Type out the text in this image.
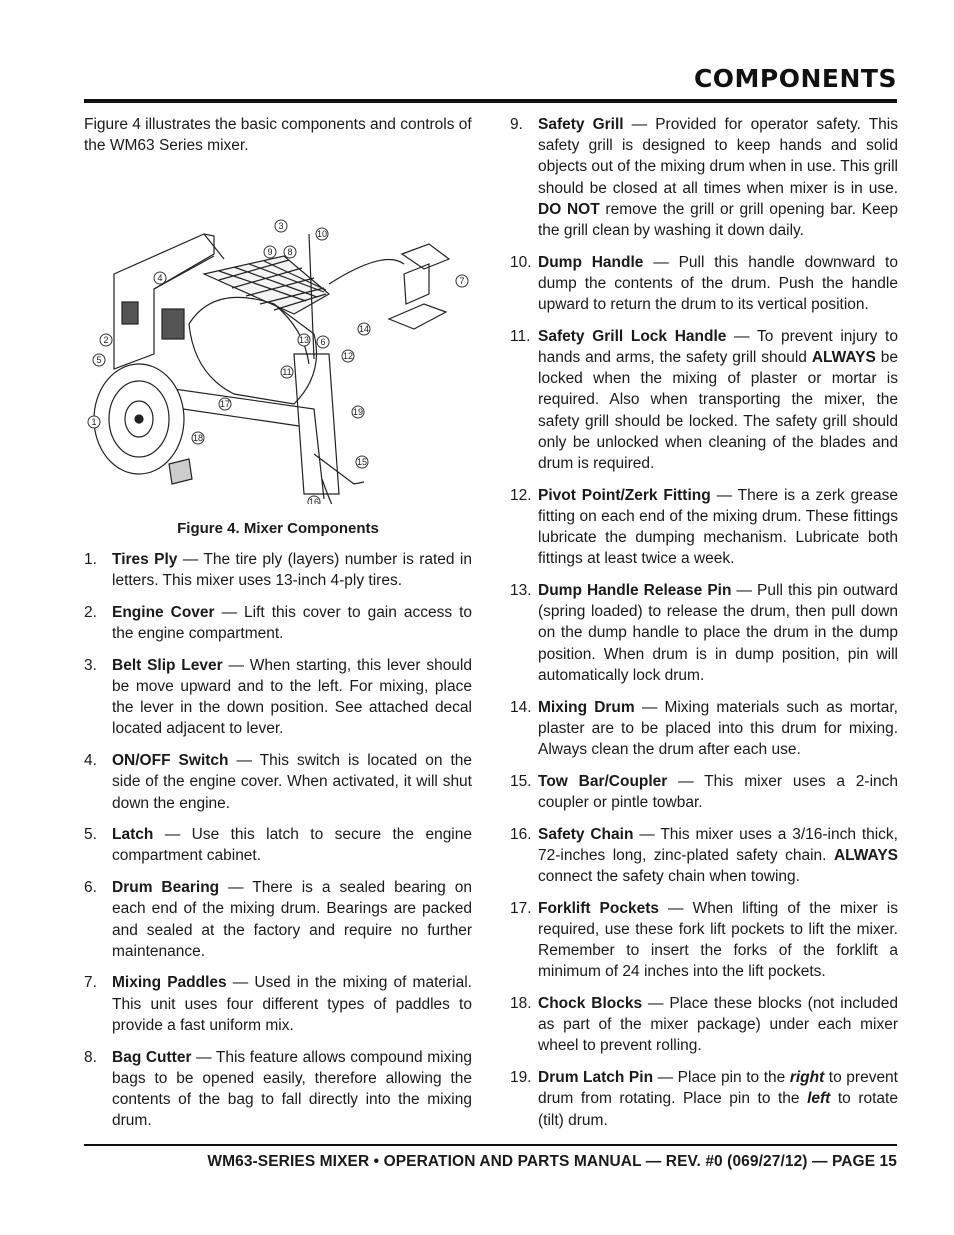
COMPONENTS

Figure 4 illustrates the basic components and controls of the WM63 Series mixer.

1
2
3
4
5
6
7
8
9
10
11
12
13
14
15
16
17
18
19
Figure 4. Mixer Components
1. Tires Ply — The tire ply (layers) number is rated in letters. This mixer uses 13-inch 4-ply tires.
2. Engine Cover — Lift this cover to gain access to the engine compartment.
3. Belt Slip Lever — When starting, this lever should be move upward and to the left. For mixing, place the lever in the down position. See attached decal located adjacent to lever.
4. ON/OFF Switch — This switch is located on the side of the engine cover. When activated, it will shut down the engine.
5. Latch — Use this latch to secure the engine compartment cabinet.
6. Drum Bearing — There is a sealed bearing on each end of the mixing drum. Bearings are packed and sealed at the factory and require no further maintenance.
7. Mixing Paddles — Used in the mixing of material. This unit uses four different types of paddles to provide a fast uniform mix.
8. Bag Cutter — This feature allows compound mixing bags to be opened easily, therefore allowing the contents of the bag to fall directly into the mixing drum.
9. Safety Grill — Provided for operator safety. This safety grill is designed to keep hands and solid objects out of the mixing drum when in use. This grill should be closed at all times when mixer is in use. DO NOT remove the grill or grill opening bar. Keep the grill clean by washing it down daily.
10. Dump Handle — Pull this handle downward to dump the contents of the drum. Push the handle upward to return the drum to its vertical position.
11. Safety Grill Lock Handle — To prevent injury to hands and arms, the safety grill should ALWAYS be locked when the mixing of plaster or mortar is required. Also when transporting the mixer, the safety grill should be locked. The safety grill should only be unlocked when cleaning of the blades and drum is required.
12. Pivot Point/Zerk Fitting — There is a zerk grease fitting on each end of the mixing drum. These fittings lubricate the dumping mechanism. Lubricate both fittings at least twice a week.
13. Dump Handle Release Pin — Pull this pin outward (spring loaded) to release the drum, then pull down on the dump handle to place the drum in the dump position. When drum is in dump position, pin will automatically lock drum.
14. Mixing Drum — Mixing materials such as mortar, plaster are to be placed into this drum for mixing. Always clean the drum after each use.
15. Tow Bar/Coupler — This mixer uses a 2-inch coupler or pintle towbar.
16. Safety Chain — This mixer uses a 3/16-inch thick, 72-inches long, zinc-plated safety chain. ALWAYS connect the safety chain when towing.
17. Forklift Pockets — When lifting of the mixer is required, use these fork lift pockets to lift the mixer. Remember to insert the forks of the forklift a minimum of 24 inches into the lift pockets.
18. Chock Blocks — Place these blocks (not included as part of the mixer package) under each mixer wheel to prevent rolling.
19. Drum Latch Pin — Place pin to the right to prevent drum from rotating. Place pin to the left to rotate (tilt) drum.
WM63-SERIES MIXER • OPERATION AND PARTS MANUAL — REV. #0 (069/27/12) — PAGE 15
